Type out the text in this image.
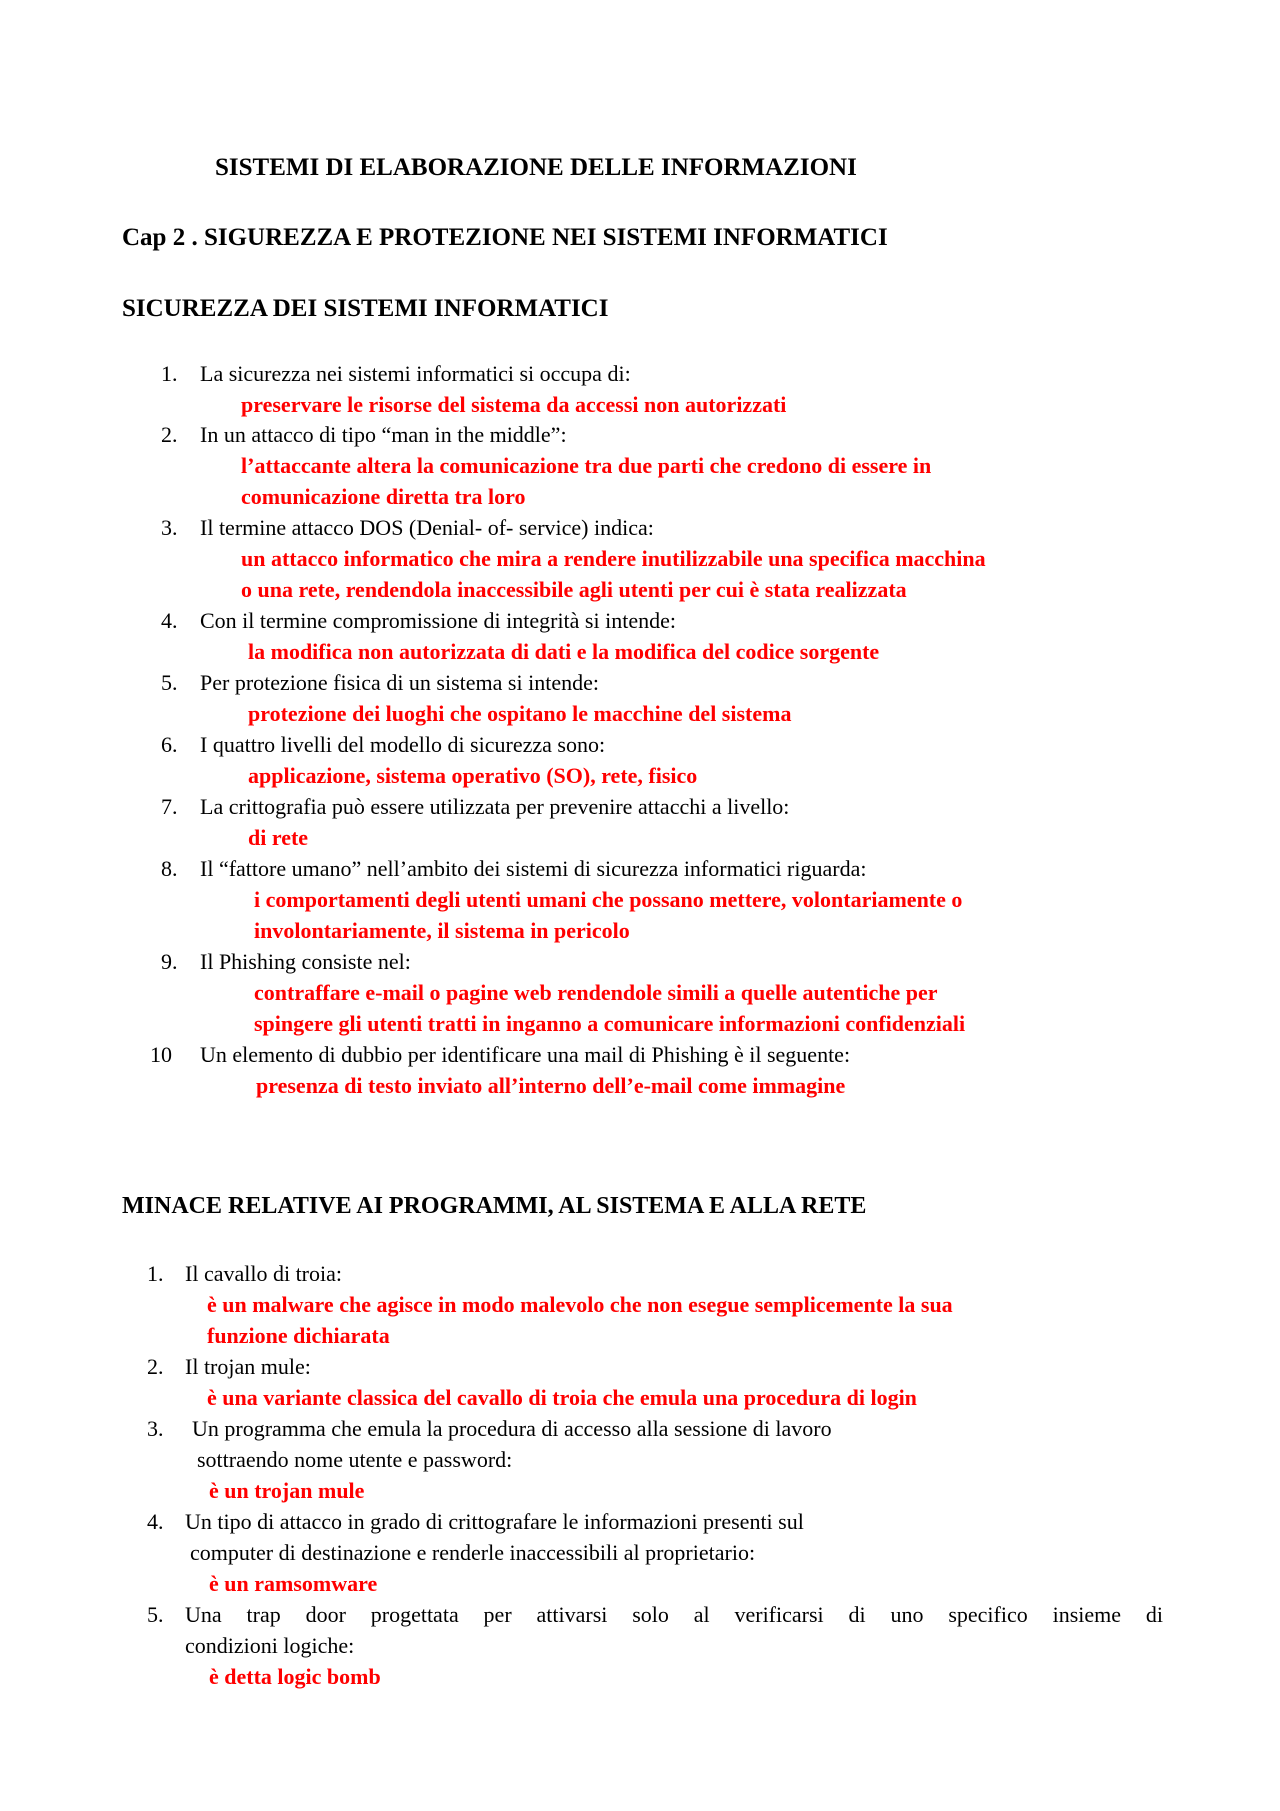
SISTEMI DI ELABORAZIONE DELLE INFORMAZIONI
Cap 2 . SIGUREZZA E PROTEZIONE NEI SISTEMI INFORMATICI
SICUREZZA DEI SISTEMI INFORMATICI
1. La sicurezza nei sistemi informatici si occupa di:
preservare le risorse del sistema da accessi non autorizzati
2. In un attacco di tipo “man in the middle”:
l’attaccante altera la comunicazione tra due parti che credono di essere in
comunicazione diretta tra loro
3. Il termine attacco DOS (Denial- of- service) indica:
un attacco informatico che mira a rendere inutilizzabile una specifica macchina
o una rete, rendendola inaccessibile agli utenti per cui è stata realizzata
4. Con il termine compromissione di integrità si intende:
la modifica non autorizzata di dati e la modifica del codice sorgente
5. Per protezione fisica di un sistema si intende:
protezione dei luoghi che ospitano le macchine del sistema
6. I quattro livelli del modello di sicurezza sono:
applicazione, sistema operativo (SO), rete, fisico
7. La crittografia può essere utilizzata per prevenire attacchi a livello:
di rete
8. Il “fattore umano” nell’ambito dei sistemi di sicurezza informatici riguarda:
i comportamenti degli utenti umani che possano mettere, volontariamente o
involontariamente, il sistema in pericolo
9. Il Phishing consiste nel:
contraffare e-mail o pagine web rendendole simili a quelle autentiche per
spingere gli utenti tratti in inganno a comunicare informazioni confidenziali
10 Un elemento di dubbio per identificare una mail di Phishing è il seguente:
presenza di testo inviato all’interno dell’e-mail come immagine
MINACE RELATIVE AI PROGRAMMI, AL SISTEMA E ALLA RETE
1. Il cavallo di troia:
è un malware che agisce in modo malevolo che non esegue semplicemente la sua
funzione dichiarata
2. Il trojan mule:
è una variante classica del cavallo di troia che emula una procedura di login
3. Un programma che emula la procedura di accesso alla sessione di lavoro
sottraendo nome utente e password:
è un trojan mule
4. Un tipo di attacco in grado di crittografare le informazioni presenti sul
computer di destinazione e renderle inaccessibili al proprietario:
è un ramsomware
5. Una trap door progettata per attivarsi solo al verificarsi di uno specifico insieme di
condizioni logiche:
è detta logic bomb
